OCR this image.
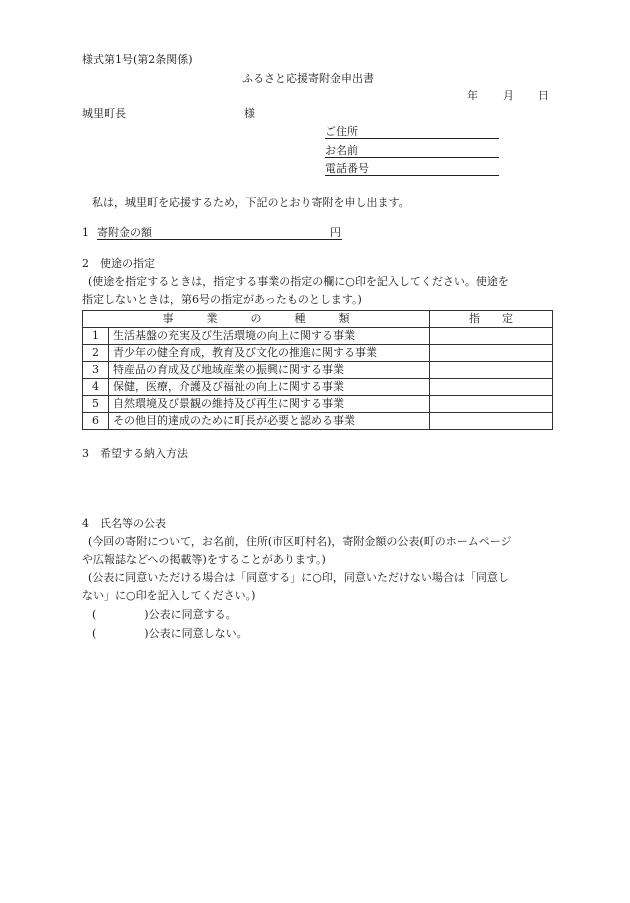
様式第1号(第2条関係)
ふるさと応援寄附金申出書
年 月 日
城里町長	様
ご住所
お名前
電話番号
私は，城里町を応援するため，下記のとおり寄附を申し出ます。
1 寄附金の額	円
2　使途の指定
(使途を指定するときは，指定する事業の指定の欄に○印を記入してください。使途を
指定しないときは，第6号の指定があったものとします。)
事　　　業　　　の　　　種　　　類		指　　定
1	生活基盤の充実及び生活環境の向上に関する事業	
2	青少年の健全育成，教育及び文化の推進に関する事業	
3	特産品の育成及び地域産業の振興に関する事業	
4	保健，医療，介護及び福祉の向上に関する事業	
5	自然環境及び景観の維持及び再生に関する事業	
6	その他目的達成のために町長が必要と認める事業	
3　希望する納入方法
4　氏名等の公表
(今回の寄附について，お名前，住所(市区町村名)，寄附金額の公表(町のホームページ
や広報誌などへの掲載等)をすることがあります。)
(公表に同意いただける場合は「同意する」に○印，同意いただけない場合は「同意し
ない」に○印を記入してください。)
(	)公表に同意する。
(	)公表に同意しない。
